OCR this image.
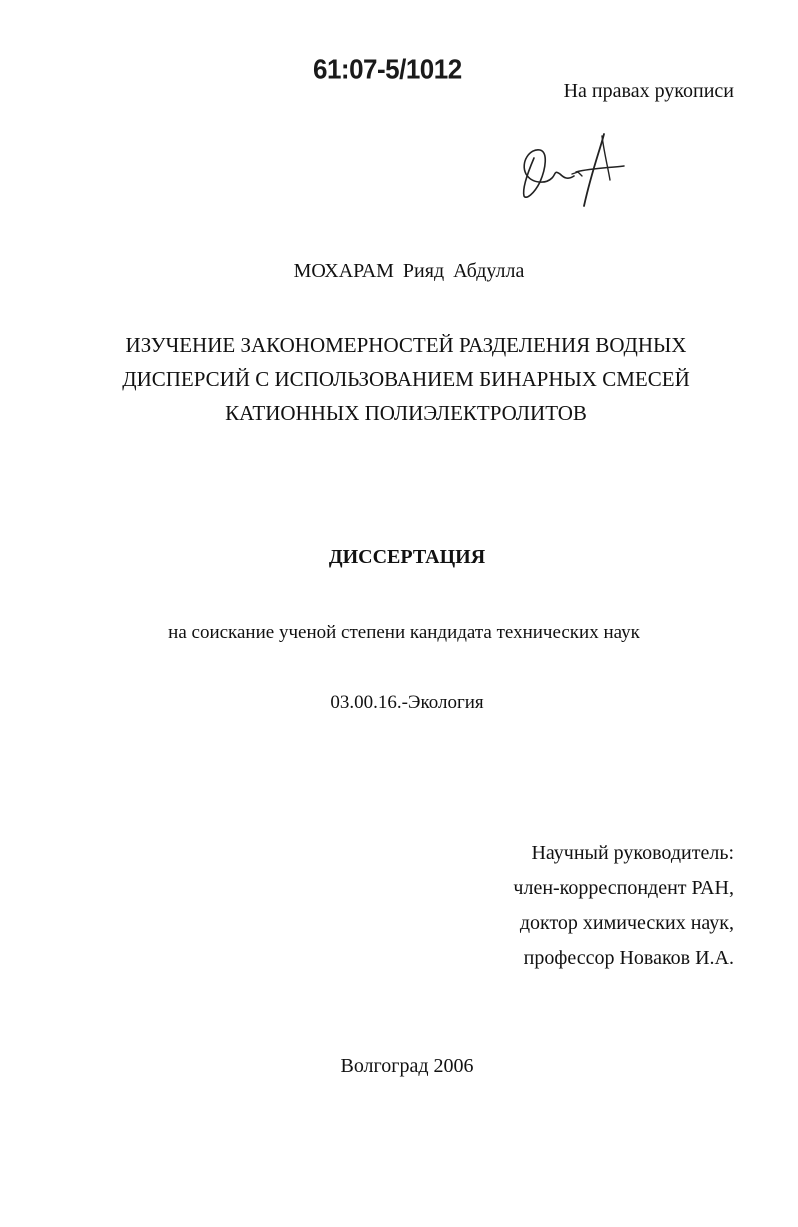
61:07-5/1012
На правах рукописи
МОХАРАМ Рияд Абдулла
ИЗУЧЕНИЕ ЗАКОНОМЕРНОСТЕЙ РАЗДЕЛЕНИЯ ВОДНЫХ
ДИСПЕРСИЙ С ИСПОЛЬЗОВАНИЕМ БИНАРНЫХ СМЕСЕЙ
КАТИОННЫХ ПОЛИЭЛЕКТРОЛИТОВ
ДИССЕРТАЦИЯ
на соискание ученой степени кандидата технических наук
03.00.16.-Экология
Научный руководитель:
член-корреспондент РАН,
доктор химических наук,
профессор Новаков И.А.
Волгоград 2006
